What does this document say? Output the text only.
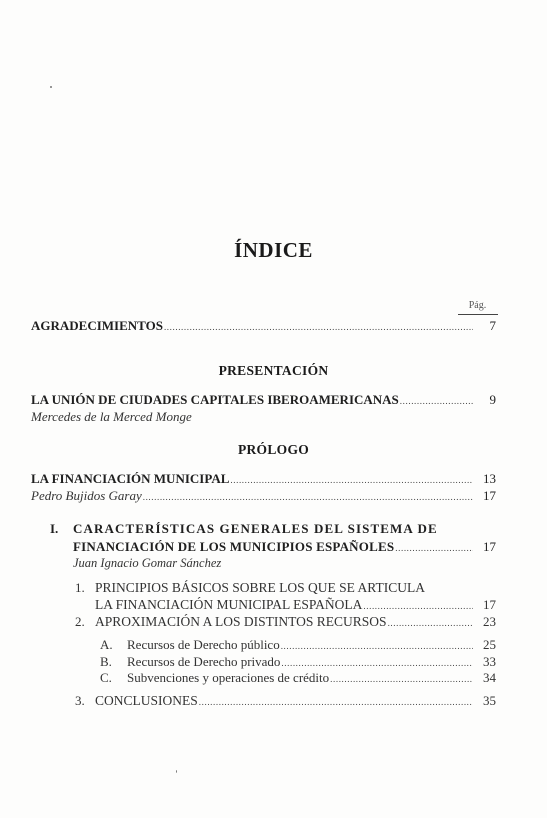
ÍNDICE
Pág.
AGRADECIMIENTOS .....	7
PRESENTACIÓN
LA UNIÓN DE CIUDADES CAPITALES IBEROAMERICANAS .....	9
Mercedes de la Merced Monge
PRÓLOGO
LA FINANCIACIÓN MUNICIPAL .....	13
Pedro Bujidos Garay .....	17
I. CARACTERÍSTICAS GENERALES DEL SISTEMA DE
FINANCIACIÓN DE LOS MUNICIPIOS ESPAÑOLES .....	17
Juan Ignacio Gomar Sánchez
1. PRINCIPIOS BÁSICOS SOBRE LOS QUE SE ARTICULA
LA FINANCIACIÓN MUNICIPAL ESPAÑOLA .....	17
2. APROXIMACIÓN A LOS DISTINTOS RECURSOS .....	23
A. Recursos de Derecho público .....	25
B. Recursos de Derecho privado .....	33
C. Subvenciones y operaciones de crédito .....	34
3. CONCLUSIONES .....	35
